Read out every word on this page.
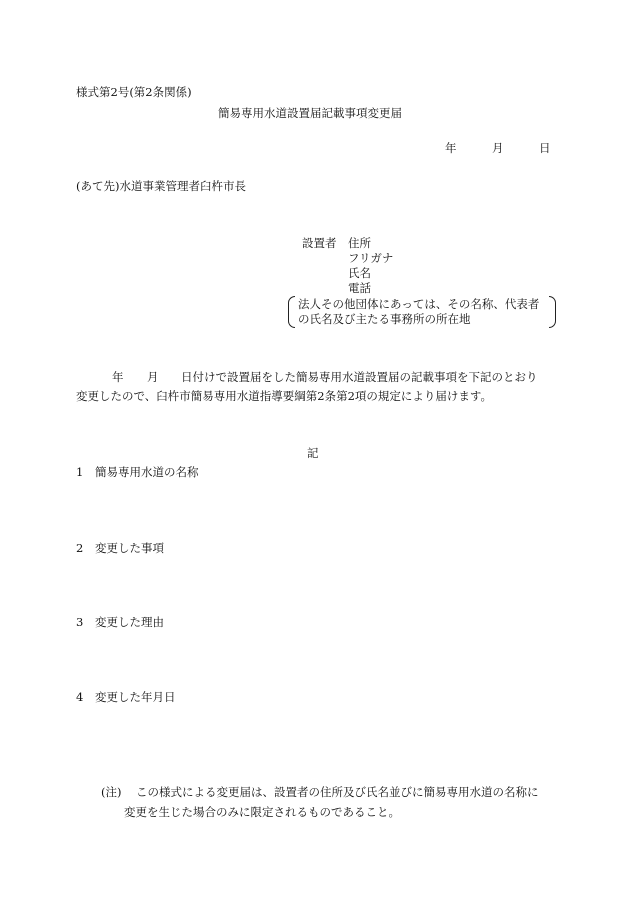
様式第2号(第2条関係)
簡易専用水道設置届記載事項変更届
年	月	日
(あて先)水道事業管理者臼杵市長
設置者 住所
フリガナ
氏名
電話
法人その他団体にあっては、その名称、代表者
の氏名及び主たる事務所の所在地
年 月 日付けで設置届をした簡易専用水道設置届の記載事項を下記のとおり
変更したので、臼杵市簡易専用水道指導要綱第2条第2項の規定により届けます。
記
1 簡易専用水道の名称
2 変更した事項
3 変更した理由
4 変更した年月日
(注) この様式による変更届は、設置者の住所及び氏名並びに簡易専用水道の名称に
変更を生じた場合のみに限定されるものであること。
